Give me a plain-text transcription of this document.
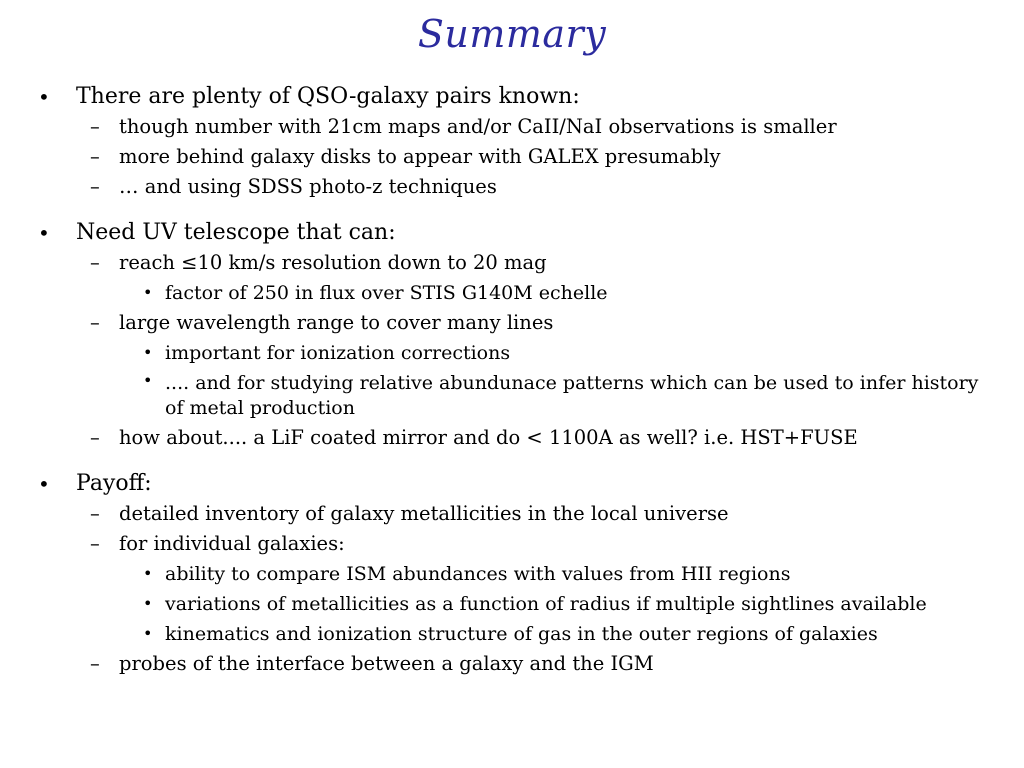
Summary
• There are plenty of QSO-galaxy pairs known:
– though number with 21cm maps and/or CaII/NaI observations is smaller
– more behind galaxy disks to appear with GALEX presumably
– … and using SDSS photo-z techniques
• Need UV telescope that can:
– reach ≤10 km/s resolution down to 20 mag
• factor of 250 in flux over STIS G140M echelle
– large wavelength range to cover many lines
• important for ionization corrections
• .... and for studying relative abundunace patterns which can be used to infer history of metal production
– how about.... a LiF coated mirror and do < 1100A as well? i.e. HST+FUSE
• Payoff:
– detailed inventory of galaxy metallicities in the local universe
– for individual galaxies:
• ability to compare ISM abundances with values from HII regions
• variations of metallicities as a function of radius if multiple sightlines available
• kinematics and ionization structure of gas in the outer regions of galaxies
– probes of the interface between a galaxy and the IGM
